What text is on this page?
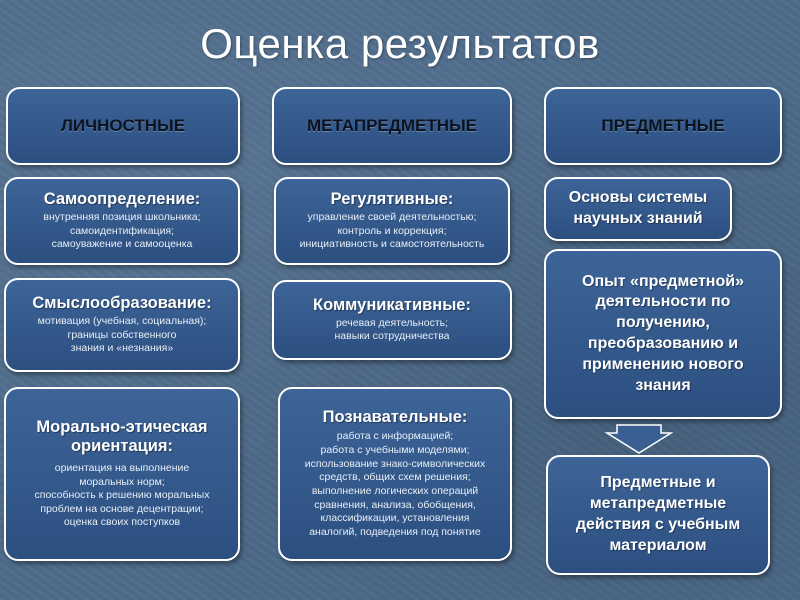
Оценка результатов
ЛИЧНОСТНЫЕ	МЕТАПРЕДМЕТНЫЕ	ПРЕДМЕТНЫЕ
Самоопределение:
внутренняя позиция школьника;
самоидентификация;
самоуважение и самооценка
Смыслообразование:
мотивация (учебная, социальная);
границы собственного
знания и «незнания»
Морально-этическая ориентация:
ориентация на выполнение
моральных норм;
способность к решению моральных
проблем на основе децентрации;
оценка своих поступков
Регулятивные:
управление своей деятельностью;
контроль и коррекция;
инициативность и самостоятельность
Коммуникативные:
речевая деятельность;
навыки сотрудничества
Познавательные:
работа с информацией;
работа с учебными моделями;
использование знако-символических
средств, общих схем решения;
выполнение логических операций
сравнения, анализа, обобщения,
классификации, установления
аналогий, подведения под понятие
Основы системы научных знаний
Опыт «предметной» деятельности по получению, преобразованию и применению нового знания
Предметные и метапредметные действия с учебным материалом
